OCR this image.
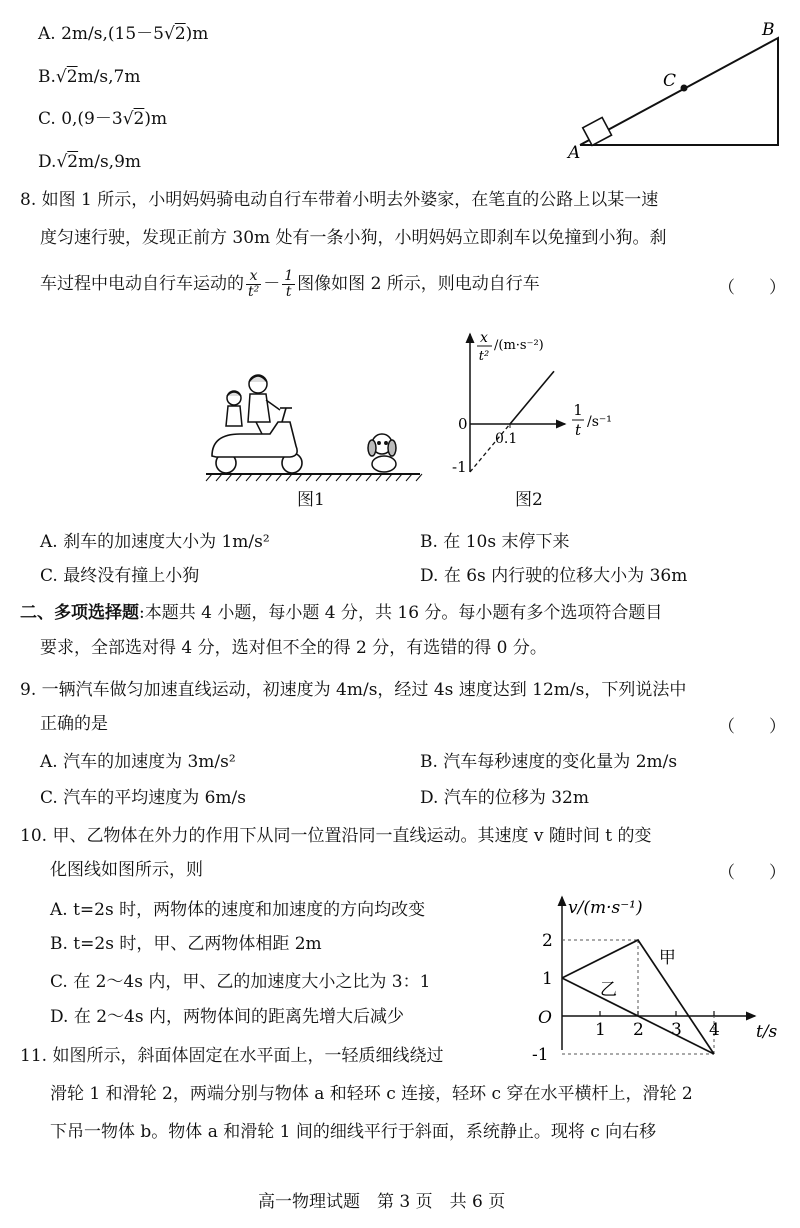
A. 2m/s,(15－5√2)m
B.√2m/s,7m
C. 0,(9－3√2)m
D.√2m/s,9m	A
C
B
8. 如图 1 所示，小明妈妈骑电动自行车带着小明去外婆家，在笔直的公路上以某一速
度匀速行驶，发现正前方 30m 处有一条小狗，小明妈妈立即刹车以免撞到小狗。刹
车过程中电动自行车运动的 $\frac{x}{\text{t²}} - \frac{1}{t}$ 图像如图 2 所示，则电动自行车	（　　）
图1
x
t²
/(m·s⁻²)
1
t /s⁻¹
0
0.1
-1
图2
A. 刹车的加速度大小为 1m/s²	B. 在 10s 末停下来
C. 最终没有撞上小狗	D. 在 6s 内行驶的位移大小为 36m
二、多项选择题:本题共 4 小题，每小题 4 分，共 16 分。每小题有多个选项符合题目
要求，全部选对得 4 分，选对但不全的得 2 分，有选错的得 0 分。
9. 一辆汽车做匀加速直线运动，初速度为 4m/s，经过 4s 速度达到 12m/s，下列说法中
正确的是	（　　）
A. 汽车的加速度为 3m/s²	B. 汽车每秒速度的变化量为 2m/s
C. 汽车的平均速度为 6m/s	D. 汽车的位移为 32m
10. 甲、乙物体在外力的作用下从同一位置沿同一直线运动。其速度 v 随时间 t 的变
化图线如图所示，则	（　　）
A. t=2s 时，两物体的速度和加速度的方向均改变
B. t=2s 时，甲、乙两物体相距 2m
C. 在 2～4s 内，甲、乙的加速度大小之比为 3：1
D. 在 2～4s 内，两物体间的距离先增大后减少
v/(m·s⁻¹)
t/s
O
1 2 3 4
2
1
-1
甲
乙
11. 如图所示，斜面体固定在水平面上，一轻质细线绕过
滑轮 1 和滑轮 2，两端分别与物体 a 和轻环 c 连接，轻环 c 穿在水平横杆上，滑轮 2
下吊一物体 b。物体 a 和滑轮 1 间的细线平行于斜面，系统静止。现将 c 向右移
高一物理试题　第 3 页　共 6 页
